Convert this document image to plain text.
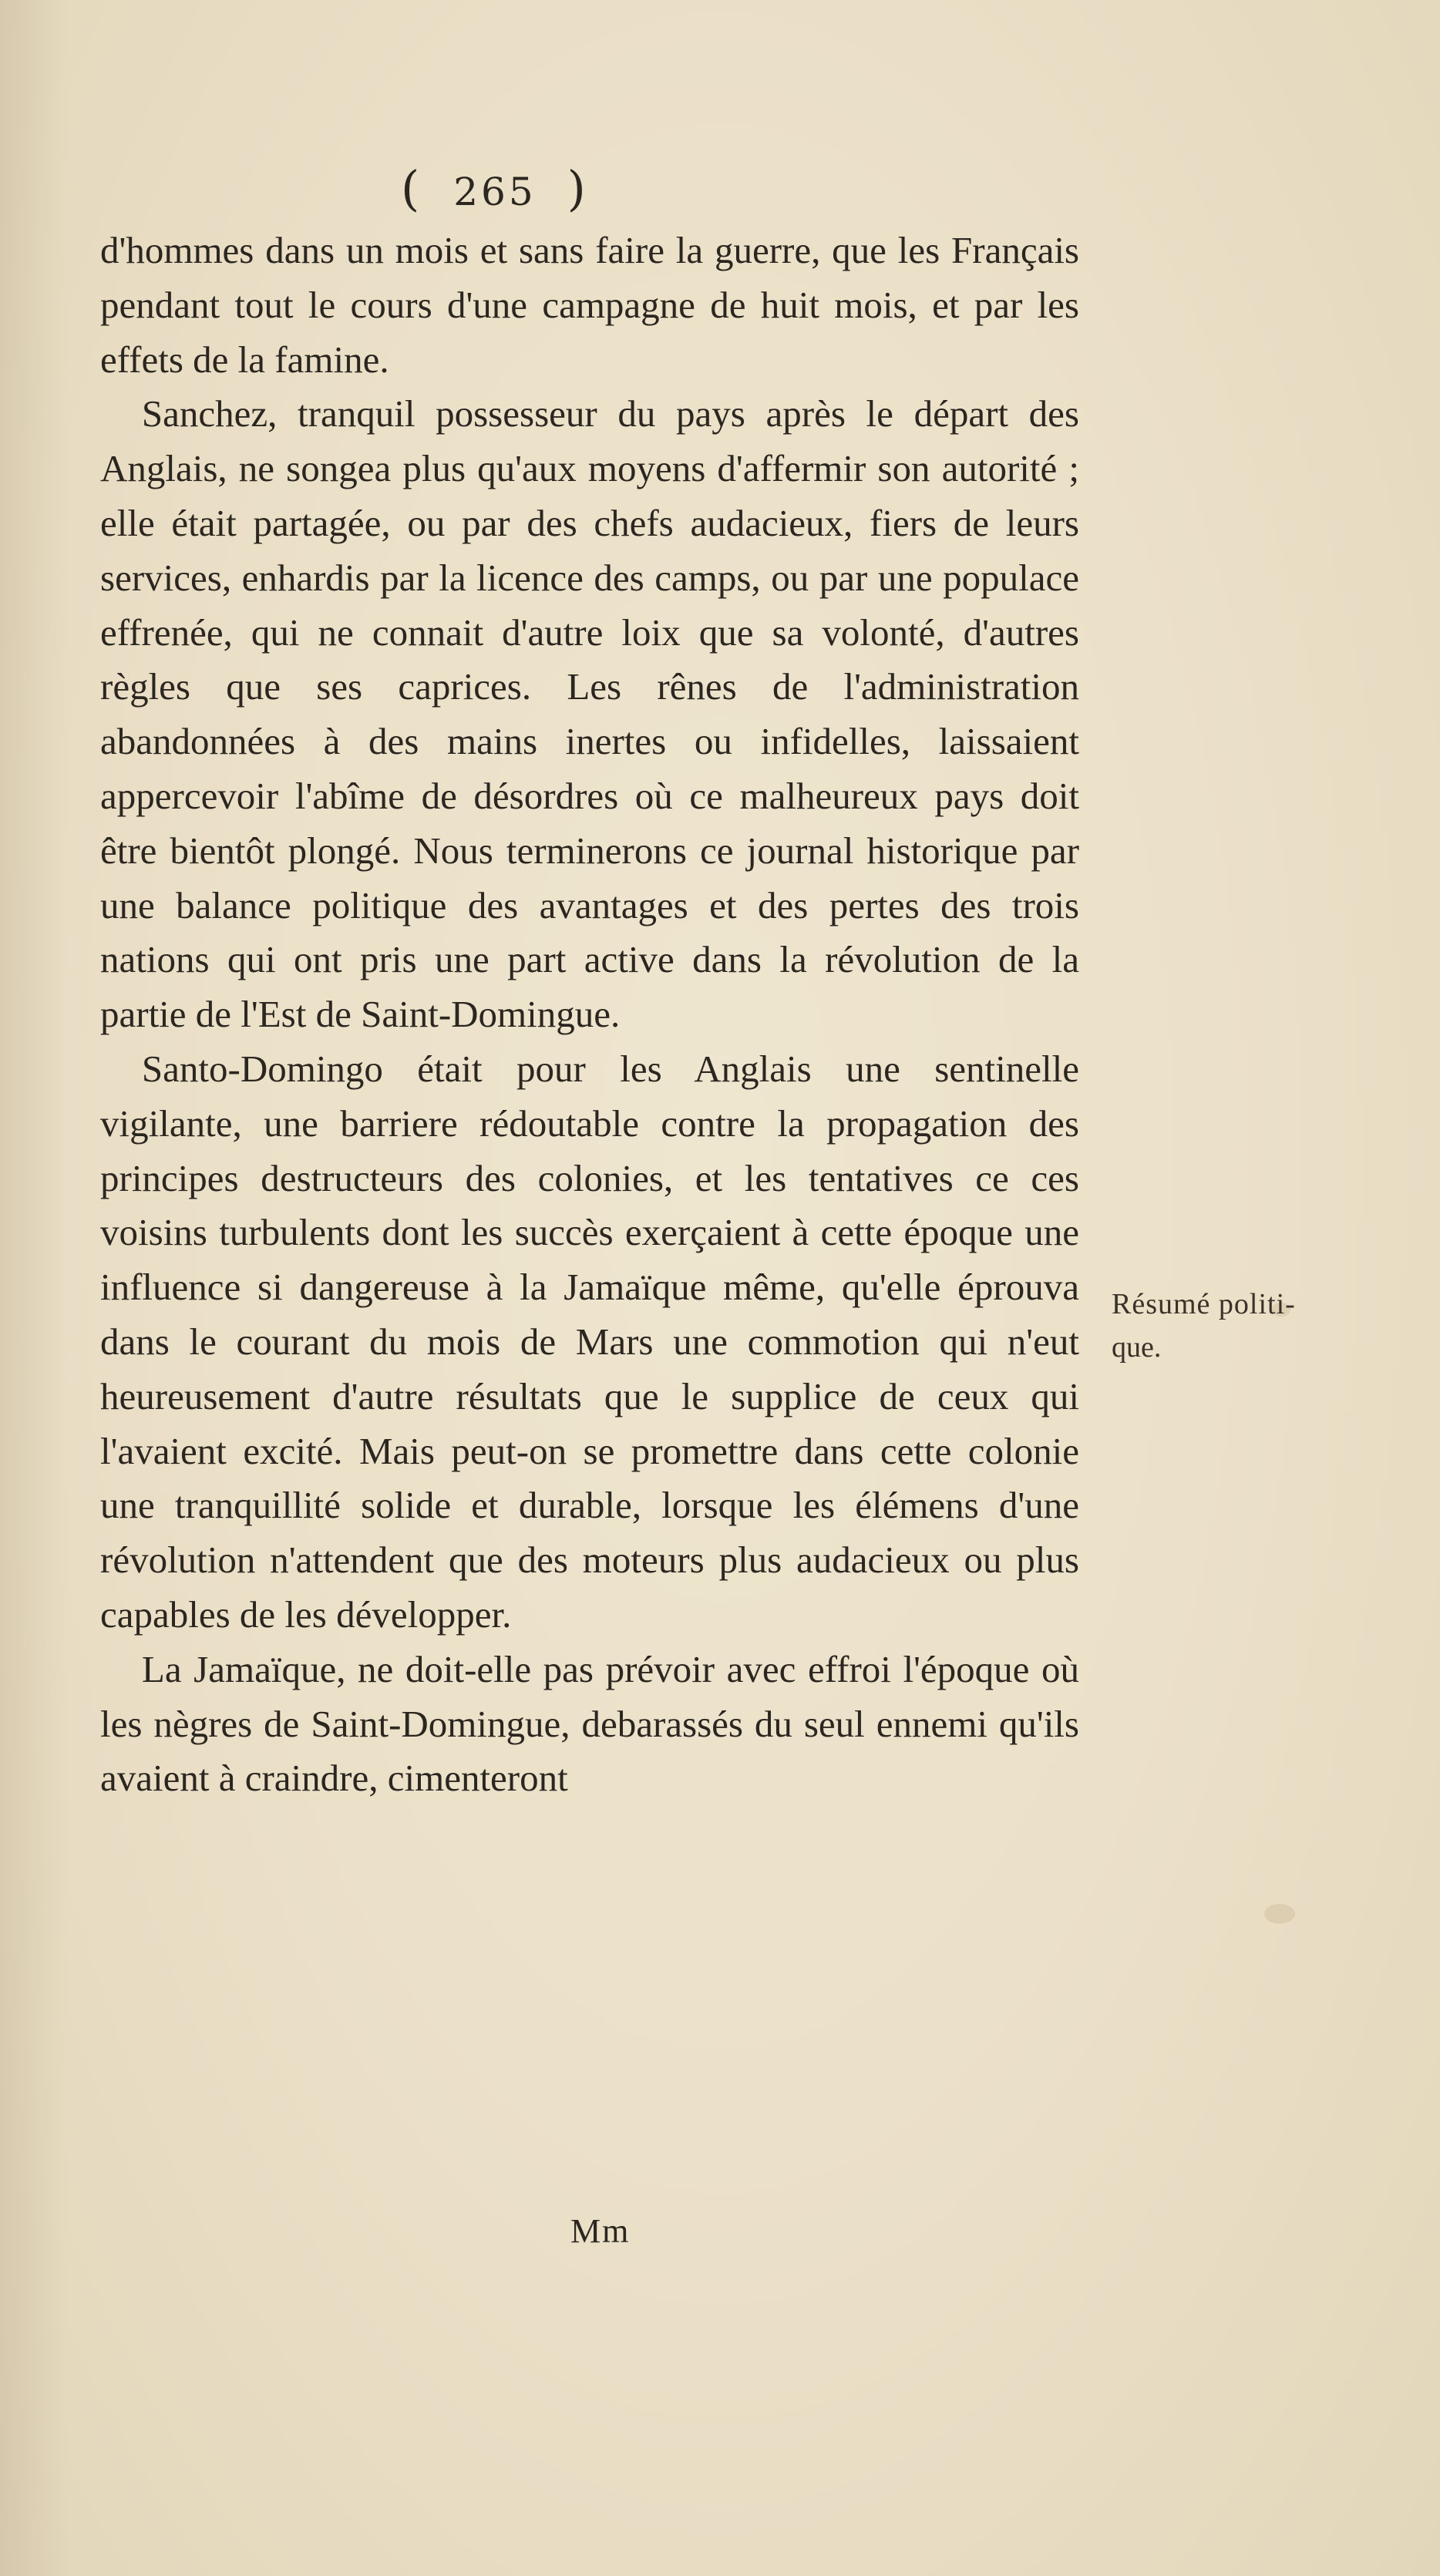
( 265 )

d'hommes dans un mois et sans faire la guerre, que les Français pendant tout le cours d'une campagne de huit mois, et par les effets de la famine.

Sanchez, tranquil possesseur du pays après le départ des Anglais, ne songea plus qu'aux moyens d'affermir son autorité ; elle était partagée, ou par des chefs audacieux, fiers de leurs services, enhardis par la licence des camps, ou par une populace effrenée, qui ne connait d'autre loix que sa volonté, d'autres règles que ses caprices. Les rênes de l'administration abandonnées à des mains inertes ou infidelles, laissaient appercevoir l'abîme de désordres où ce malheureux pays doit être bientôt plongé. Nous terminerons ce journal historique par une balance politique des avantages et des pertes des trois nations qui ont pris une part active dans la révolution de la partie de l'Est de Saint-Domingue.

Santo-Domingo était pour les Anglais une sentinelle vigilante, une barriere rédoutable contre la propagation des principes destructeurs des colonies, et les tentatives ce ces voisins turbulents dont les succès exerçaient à cette époque une influence si dangereuse à la Jamaïque même, qu'elle éprouva dans le courant du mois de Mars une commotion qui n'eut heureusement d'autre résultats que le supplice de ceux qui l'avaient excité. Mais peut-on se promettre dans cette colonie une tranquillité solide et durable, lorsque les élémens d'une révolution n'attendent que des moteurs plus audacieux ou plus capables de les développer.

La Jamaïque, ne doit-elle pas prévoir avec effroi l'époque où les nègres de Saint-Domingue, debarassés du seul ennemi qu'ils avaient à craindre, cimenteront

Résumé politi-
que.
Mm
